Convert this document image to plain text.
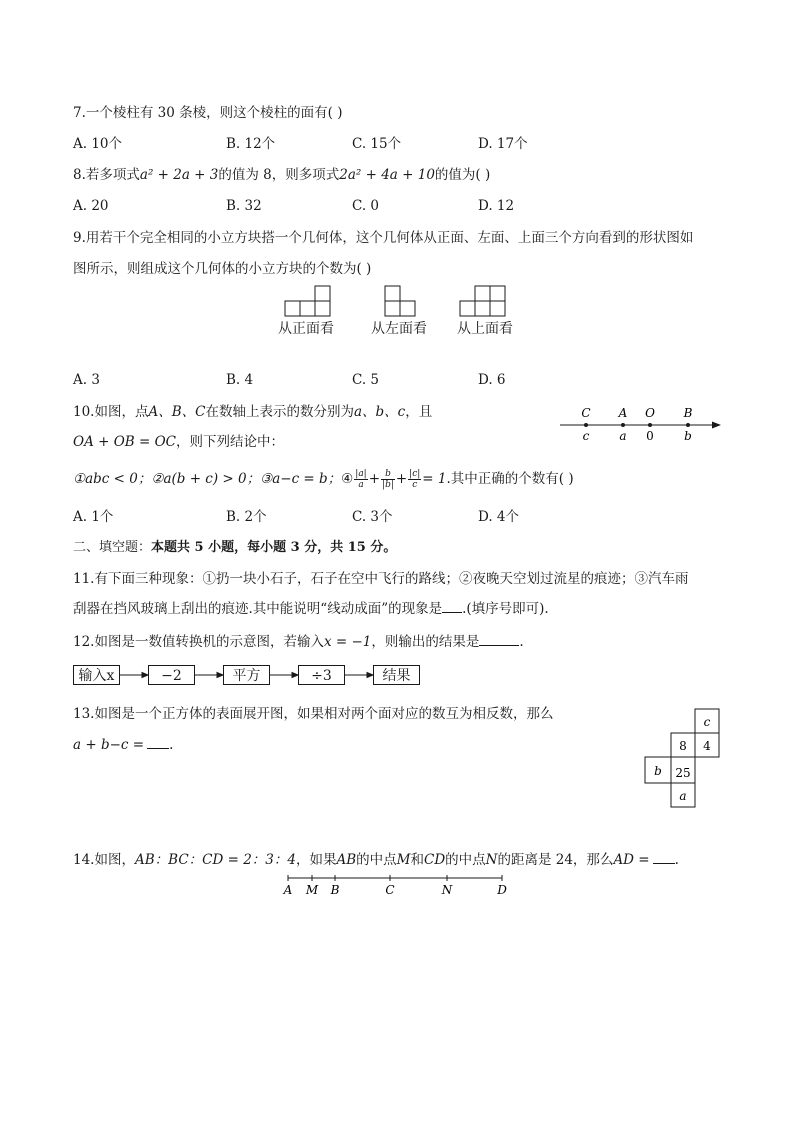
7.一个棱柱有 30 条棱，则这个棱柱的面有( )
A. 10个	B. 12个	C. 15个	D. 17个
8.若多项式a² + 2a + 3的值为 8，则多项式2a² + 4a + 10的值为( )
A. 20	B. 32	C. 0	D. 12
9.用若干个完全相同的小立方块搭一个几何体，这个几何体从正面、左面、上面三个方向看到的形状图如
图所示，则组成这个几何体的小立方块的个数为( )
从正面看	从左面看 从上面看
A. 3	B. 4	C. 5	D. 6
10.如图，点A、B、C在数轴上表示的数分别为a、b、c，且
OA + OB = OC，则下列结论中：
C A O B
c	a 0	b
①abc < 0；②a(b + c) > 0；③a−c = b；④ $\frac{|a|}{a} + \frac{b}{|b|} + \frac{|c|}{c} = 1$.其中正确的个数有( )
A. 1个	B. 2个	C. 3个	D. 4个
二、填空题：本题共 5 小题，每小题 3 分，共 15 分。
11.有下面三种现象：①扔一块小石子，石子在空中飞行的路线；②夜晚天空划过流星的痕迹；③汽车雨
刮器在挡风玻璃上刮出的痕迹.其中能说明“线动成面”的现象是 .(填序号即可).
12.如图是一数值转换机的示意图，若输入x = −1，则输出的结果是	.
输入x	−2	平方	÷3	结果
13.如图是一个正方体的表面展开图，如果相对两个面对应的数互为相反数，那么
a + b−c = .
c
8 4
b 25
a
14.如图，AB：BC：CD = 2：3：4，如果AB的中点M和CD的中点N的距离是 24，那么AD = .
A M B	C	N	D
